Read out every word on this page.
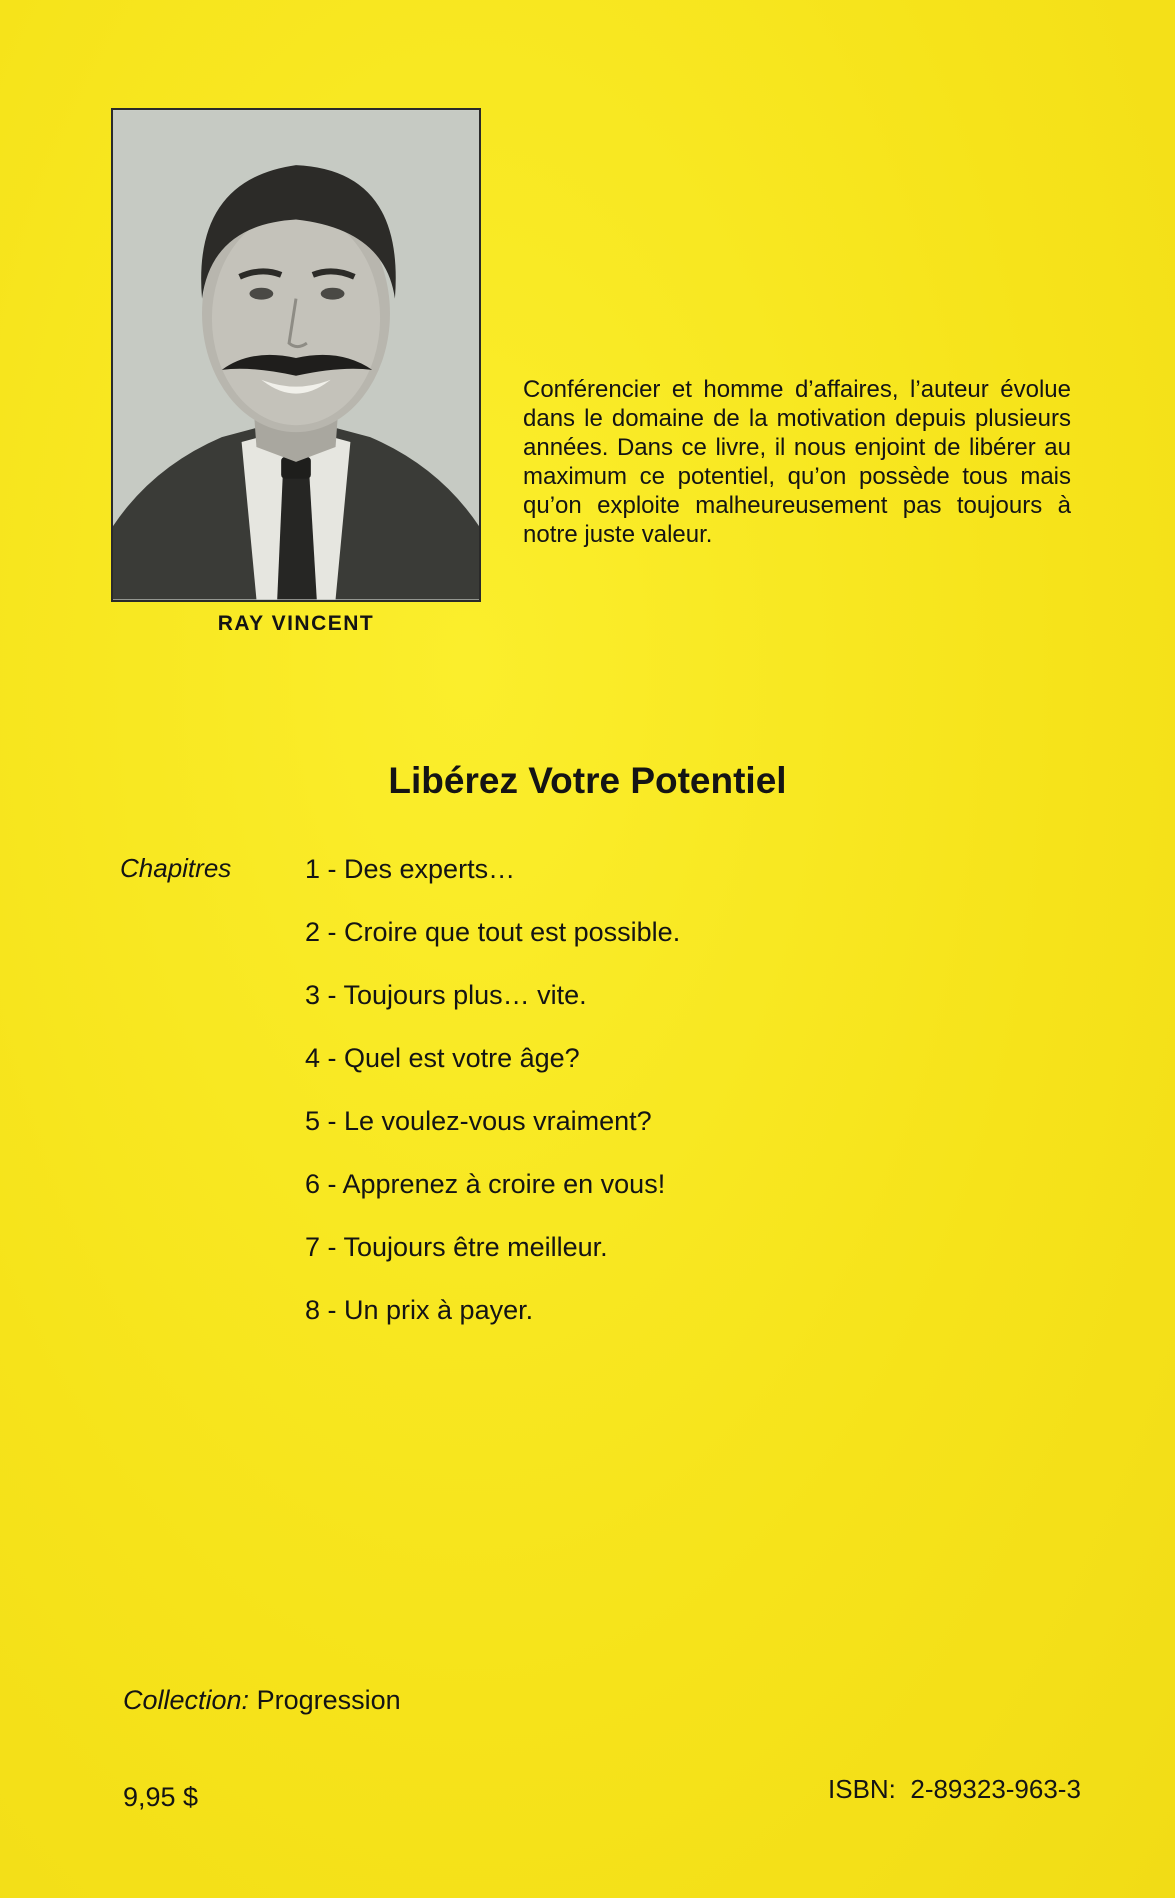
RAY VINCENT

Conférencier et homme d’affaires, l’auteur évolue dans le domaine de la motivation depuis plusieurs années. Dans ce livre, il nous enjoint de libérer au maximum ce potentiel, qu’on possède tous mais qu’on exploite malheureusement pas toujours à notre juste valeur.

Libérez Votre Potentiel
Chapitres	1 - Des experts…
2 - Croire que tout est possible.
3 - Toujours plus… vite.
4 - Quel est votre âge?
5 - Le voulez-vous vraiment?
6 - Apprenez à croire en vous!
7 - Toujours être meilleur.
8 - Un prix à payer.
Collection: Progression
9,95 $	ISBN:  2-89323-963-3
